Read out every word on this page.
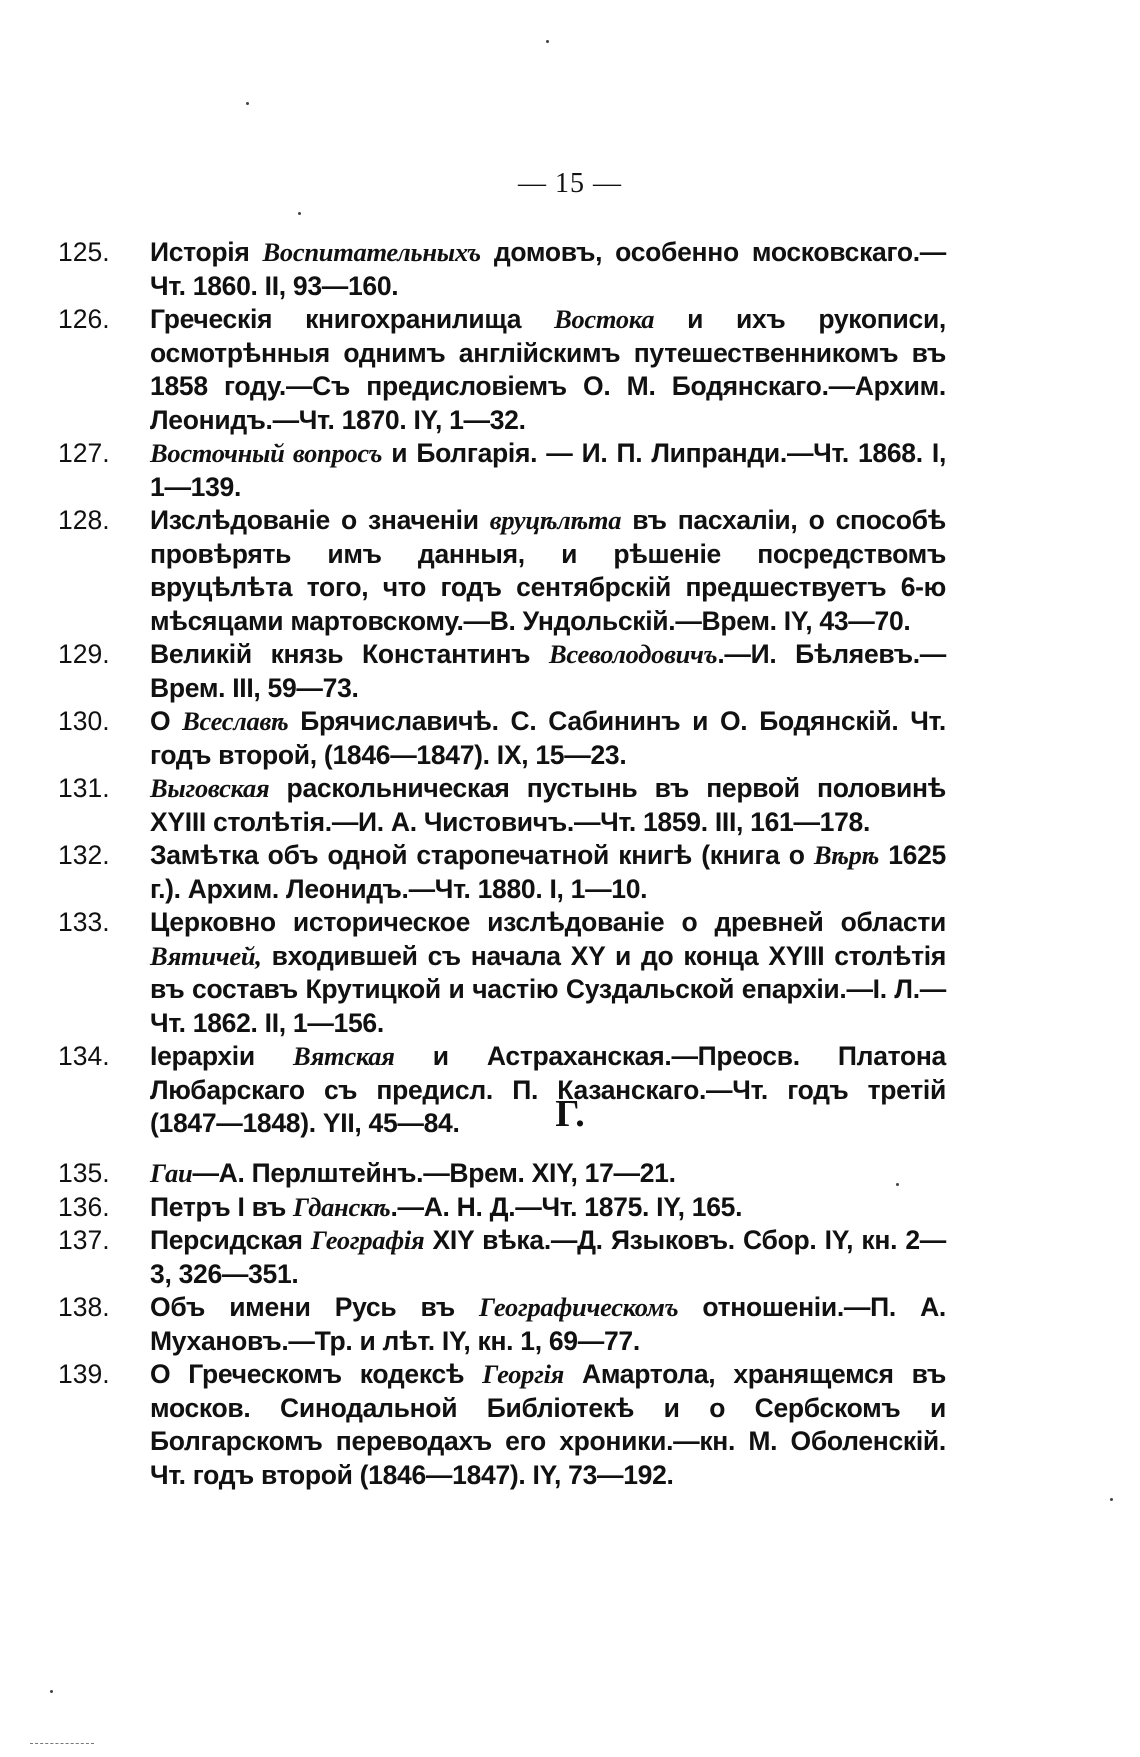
— 15 —
125.	Исторія Воспитательныхъ домовъ, особенно московскаго.—Чт. 1860. II, 93—160.
126.	Греческія книгохранилища Востока и ихъ рукописи, осмотрѣнныя однимъ англійскимъ путешественникомъ въ 1858 году.—Съ предисловіемъ О. М. Бодянскаго.—Архим. Леонидъ.—Чт. 1870. IY, 1—32.
127.	Восточный вопросъ и Болгарія. — И. П. Липранди.—Чт. 1868. I, 1—139.
128.	Изслѣдованіе о значеніи вруцѣлѣта въ пасхаліи, о способѣ провѣрять имъ данныя, и рѣшеніе посредствомъ вруцѣлѣта того, что годъ сентябрскій предшествуетъ 6-ю мѣсяцами мартовскому.—В. Ундольскій.—Врем. IY, 43—70.
129.	Великій князь Константинъ Всеволодовичъ.—И. Бѣляевъ.—Врем. III, 59—73.
130.	О Всеславѣ Брячиславичѣ. С. Сабининъ и О. Бодянскій. Чт. годъ второй, (1846—1847). IX, 15—23.
131.	Выговская раскольническая пустынь въ первой половинѣ XYIII столѣтія.—И. А. Чистовичъ.—Чт. 1859. III, 161—178.
132.	Замѣтка объ одной старопечатной книгѣ (книга о Вѣрѣ 1625 г.). Архим. Леонидъ.—Чт. 1880. I, 1—10.
133.	Церковно историческое изслѣдованіе о древней области Вятичей, входившей съ начала XY и до конца XYIII столѣтія въ составъ Крутицкой и частію Суздальской епархіи.—I. Л.—Чт. 1862. II, 1—156.
134.	Іерархіи Вятская и Астраханская.—Преосв. Платона Любарскаго съ предисл. П. Казанскаго.—Чт. годъ третій (1847—1848). YII, 45—84.	Г.
135.	Гаи—А. Перлштейнъ.—Врем. XIY, 17—21.
136.	Петръ I въ Гданскѣ.—А. Н. Д.—Чт. 1875. IY, 165.
137.	Персидская Географія XIY вѣка.—Д. Языковъ. Сбор. IY, кн. 2—3, 326—351.
138.	Объ имени Русь въ Географическомъ отношеніи.—П. А. Мухановъ.—Тр. и лѣт. IY, кн. 1, 69—77.
139.	О Греческомъ кодексѣ Георгія Амартола, хранящемся въ москов. Синодальной Библіотекѣ и о Сербскомъ и Болгарскомъ переводахъ его хроники.—кн. М. Оболенскій. Чт. годъ второй (1846—1847). IY, 73—192.
